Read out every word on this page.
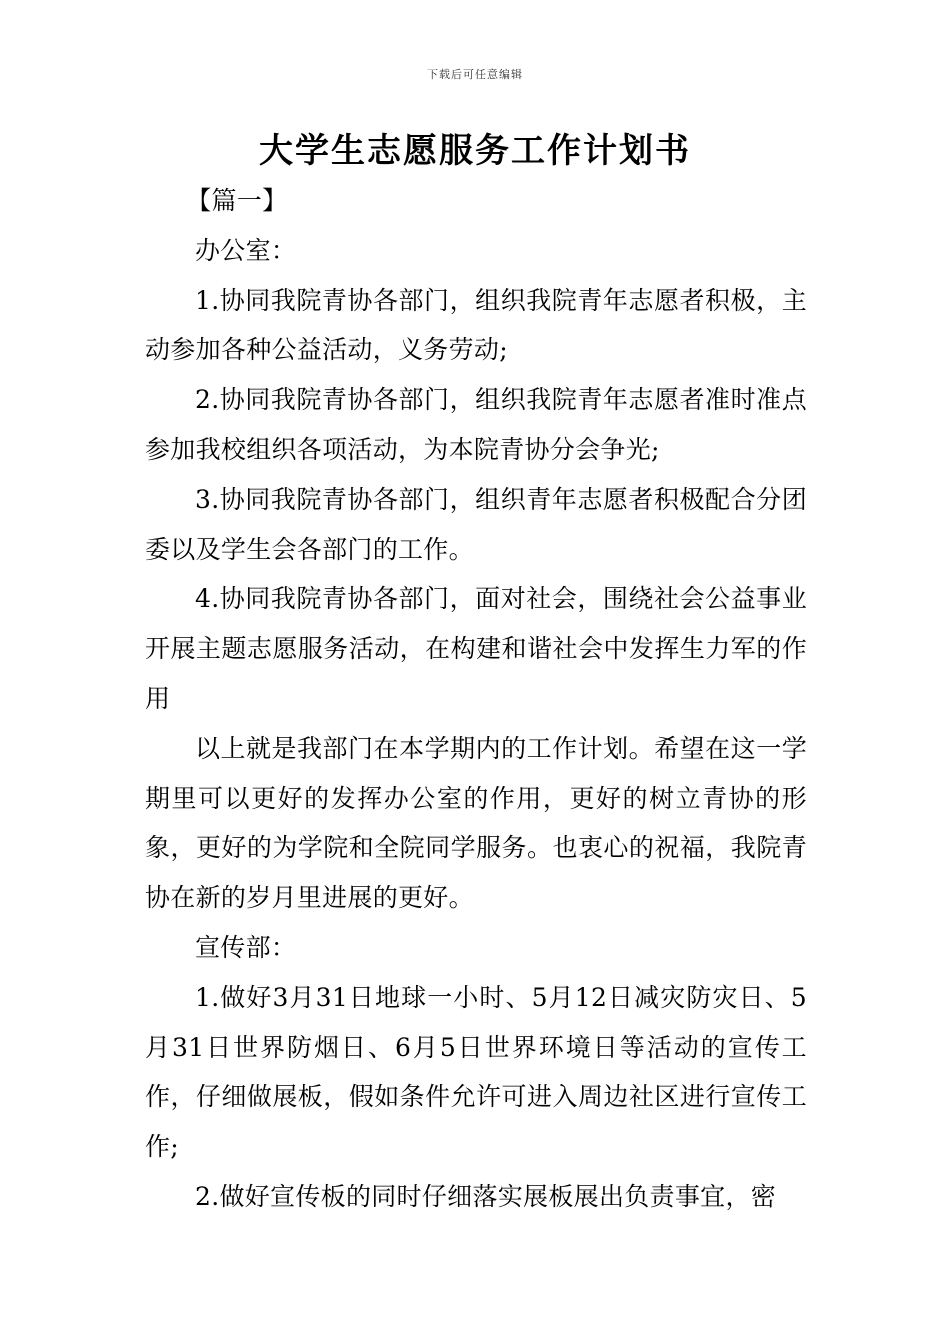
下载后可任意编辑
大学生志愿服务工作计划书

【篇一】

办公室：

1.协同我院青协各部门，组织我院青年志愿者积极，主动参加各种公益活动，义务劳动;

2.协同我院青协各部门，组织我院青年志愿者准时准点参加我校组织各项活动，为本院青协分会争光;

3.协同我院青协各部门，组织青年志愿者积极配合分团委以及学生会各部门的工作。

4.协同我院青协各部门，面对社会，围绕社会公益事业开展主题志愿服务活动，在构建和谐社会中发挥生力军的作用

以上就是我部门在本学期内的工作计划。希望在这一学期里可以更好的发挥办公室的作用，更好的树立青协的形象，更好的为学院和全院同学服务。也衷心的祝福，我院青协在新的岁月里进展的更好。

宣传部：

1.做好3月31日地球一小时、5月12日减灾防灾日、5月31日世界防烟日、6月5日世界环境日等活动的宣传工作，仔细做展板，假如条件允许可进入周边社区进行宣传工作;

2.做好宣传板的同时仔细落实展板展出负责事宜，密
